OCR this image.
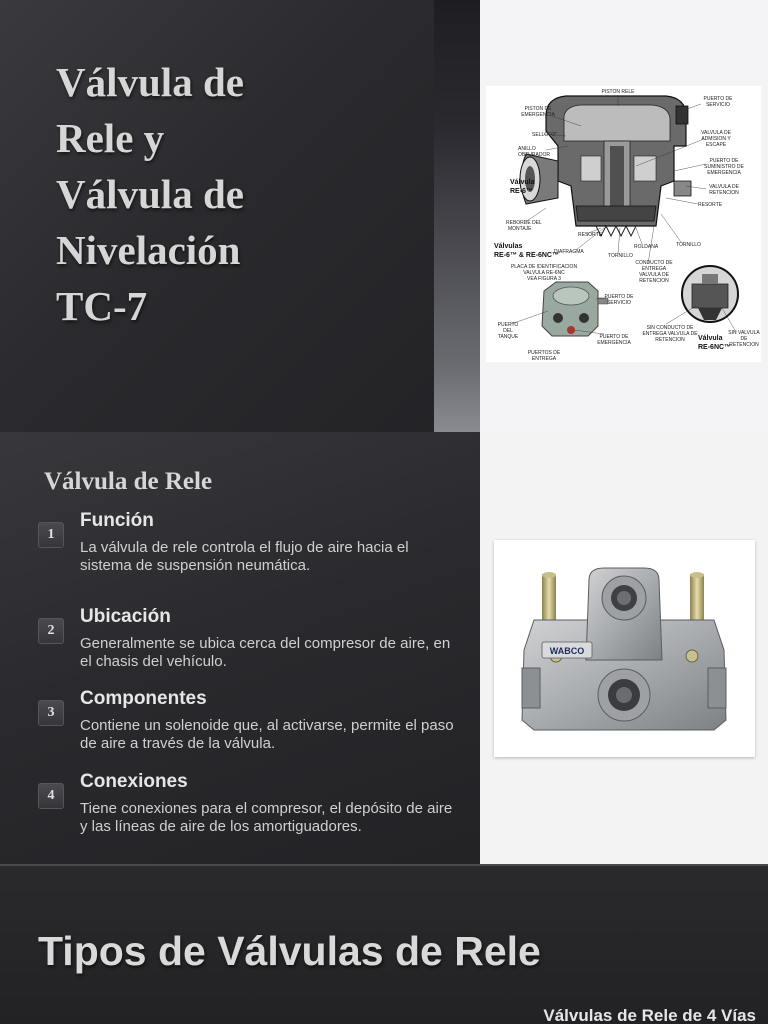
Válvula de
Rele y
Válvula de
Nivelación
TC-7
PISTON RELE
PISTON DE EMERGENCIA
SELLO "O"
ANILLO OBTURADOR
Válvula RE-6™
REBORDE DEL MONTAJE
Válvulas RE-6™ & RE-6NC™
PUERTO DE SERVICIO
VALVULA DE ADMISION Y ESCAPE
PUERTO DE SUMINISTRO DE EMERGENCIA
VALVULA DE RETENCION
RESORTE
RESORTE
DIAFRAGMA
TORNILLO
ROLDANA	TORNILLO
PLACA DE IDENTIFICACION VALVULA RE-6NC VEA FIGURA 3
PUERTO DE SERVICIO
CONDUCTO DE ENTREGA VALVULA DE RETENCION
PUERTO DEL TANQUE	PUERTO DE EMERGENCIA
PUERTOS DE ENTREGA
SIN CONDUCTO DE ENTREGA VALVULA DE RETENCION	Válvula RE-6NC™
SIN VALVULA DE RETENCION
Válvula de Rele
1
Función
La válvula de rele controla el flujo de aire hacia el sistema de suspensión neumática.
2
Ubicación
Generalmente se ubica cerca del compresor de aire, en el chasis del vehículo.
3
Componentes
Contiene un solenoide que, al activarse, permite el paso de aire a través de la válvula.
4
Conexiones
Tiene conexiones para el compresor, el depósito de aire y las líneas de aire de los amortiguadores.
WABCO
Tipos de Válvulas de Rele
Válvulas de Rele de 4 Vías
